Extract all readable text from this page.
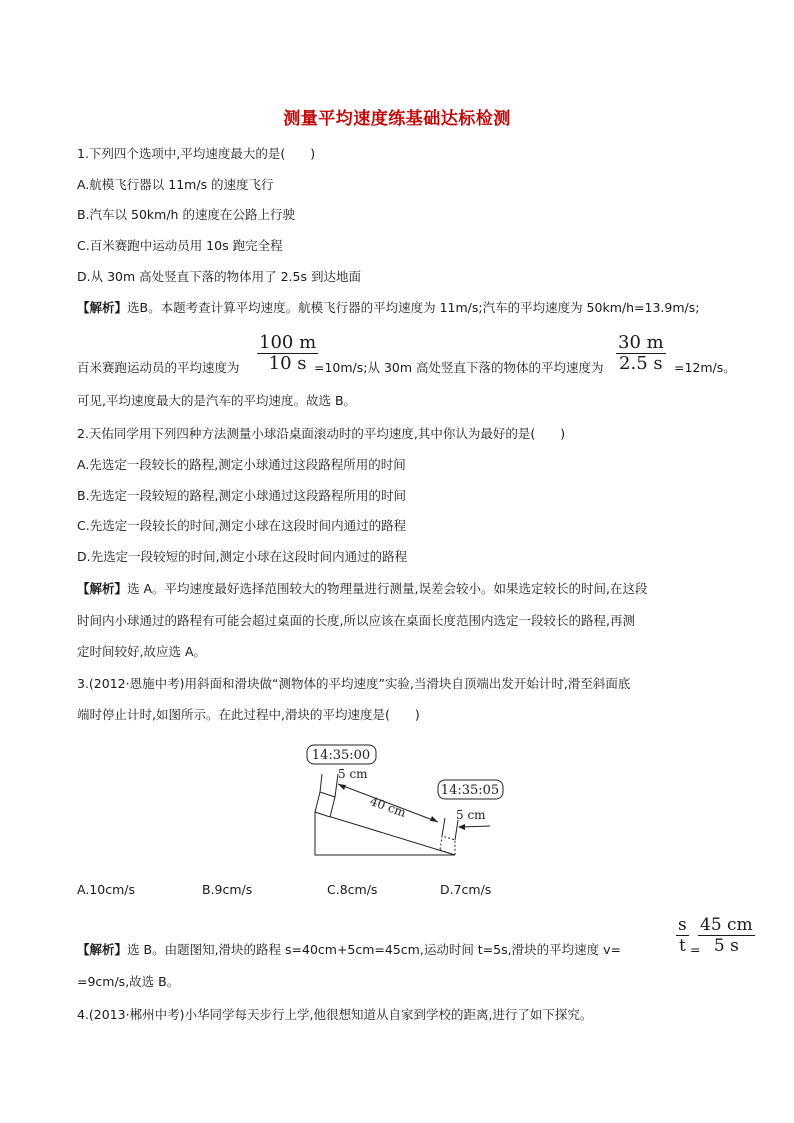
测量平均速度练基础达标检测
1.下列四个选项中,平均速度最大的是(　　)
A.航模飞行器以 11m/s 的速度飞行
B.汽车以 50km/h 的速度在公路上行驶
C.百米赛跑中运动员用 10s 跑完全程
D.从 30m 高处竖直下落的物体用了 2.5s 到达地面
【解析】选B。本题考查计算平均速度。航模飞行器的平均速度为 11m/s;汽车的平均速度为 50km/h=13.9m/s;
百米赛跑运动员的平均速度为 $\frac{100 m}{10 s}$
=10m/s;从 30m 高处竖直下落的物体的平均速度为 $\frac{30 m}{2.5 s} =12m/s$。
可见,平均速度最大的是汽车的平均速度。故选 B。
2.天佑同学用下列四种方法测量小球沿桌面滚动时的平均速度,其中你认为最好的是(　　)
A.先选定一段较长的路程,测定小球通过这段路程所用的时间
B.先选定一段较短的路程,测定小球通过这段路程所用的时间
C.先选定一段较长的时间,测定小球在这段时间内通过的路程
D.先选定一段较短的时间,测定小球在这段时间内通过的路程
【解析】选 A。平均速度最好选择范围较大的物理量进行测量,误差会较小。如果选定较长的时间,在这段
时间内小球通过的路程有可能会超过桌面的长度,所以应该在桌面长度范围内选定一段较长的路程,再测
定时间较好,故应选 A。
3.(2012·恩施中考)用斜面和滑块做“测物体的平均速度”实验,当滑块自顶端出发开始计时,滑至斜面底
端时停止计时,如图所示。在此过程中,滑块的平均速度是(　　)
14:35:00
5 cm
40 cm
14:35:05
5 cm
A.10cm/s	B.9cm/s	C.8cm/s	D.7cm/s
【解析】选 B。由题图知,滑块的路程 s=40cm+5cm=45cm,运动时间 t=5s,滑块的平均速度 v=	$\frac{s}{t}$ =
$\frac{45 cm}{5 s}$
=9cm/s,故选 B。
4.(2013·郴州中考)小华同学每天步行上学,他很想知道从自家到学校的距离,进行了如下探究。
